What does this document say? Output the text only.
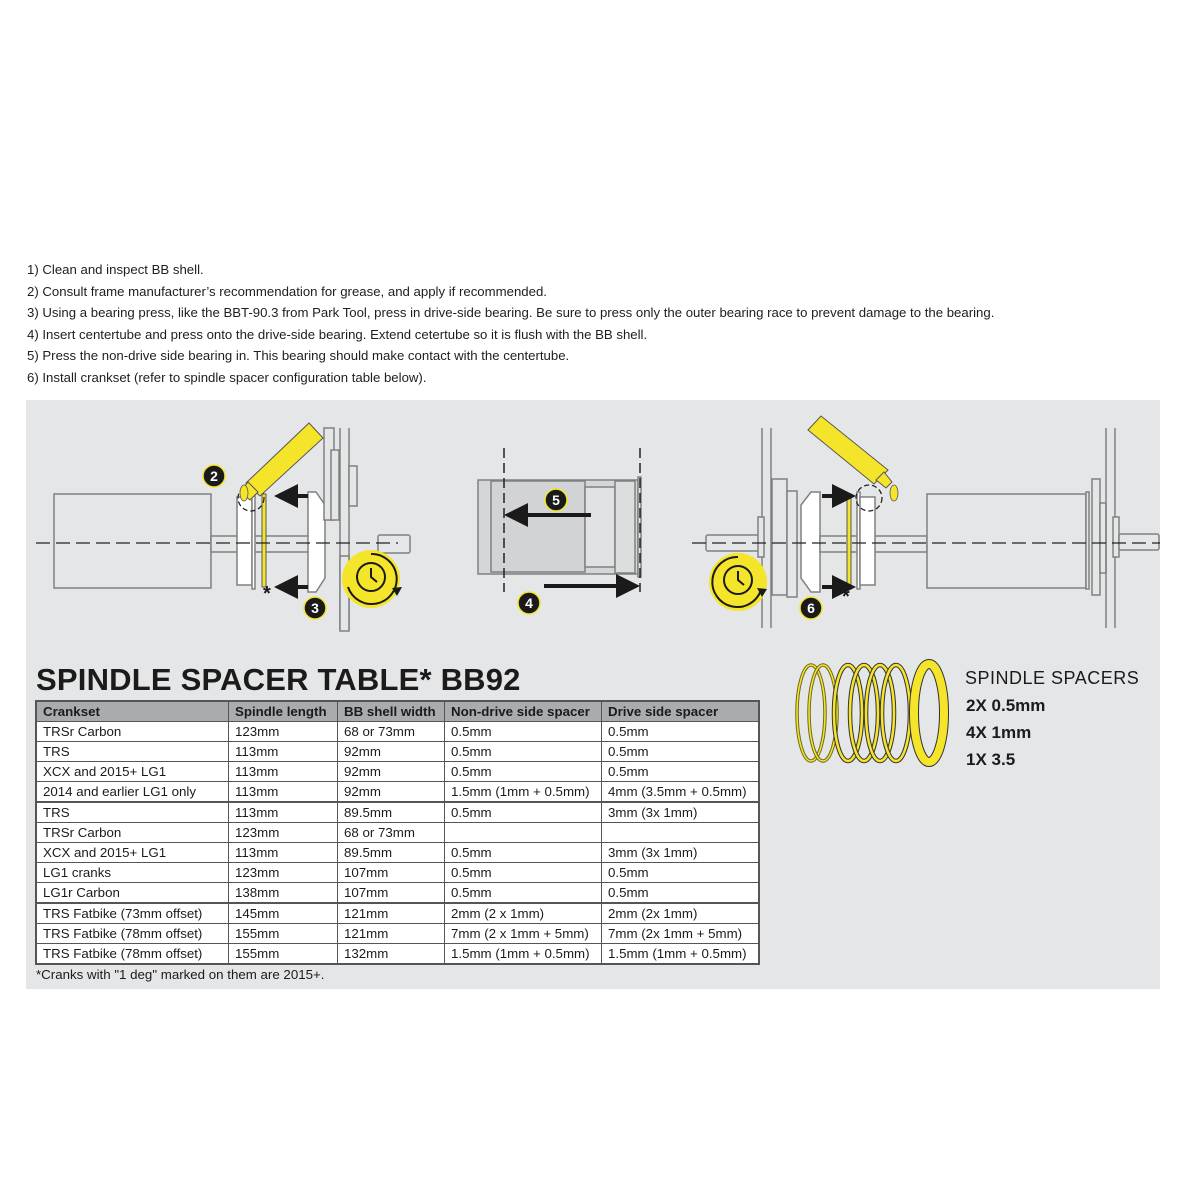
1) Clean and inspect BB shell.
2) Consult frame manufacturer’s recommendation for grease, and apply if recommended.
3) Using a bearing press, like the BBT-90.3 from Park Tool, press in drive-side bearing. Be sure to press only the outer bearing race to prevent damage to the bearing.
4) Insert centertube and press onto the drive-side bearing. Extend cetertube so it is flush with the BB shell.
5) Press the non-drive side bearing in. This bearing should make contact with the centertube.
6) Install crankset (refer to spindle spacer configuration table below).
*
2
3
5
4	*
6
SPINDLE SPACER TABLE* BB92
Crankset	Spindle length	BB shell width	Non-drive side spacer	Drive side spacer
TRSr Carbon	123mm	68 or 73mm	0.5mm	0.5mm
TRS	113mm	92mm	0.5mm	0.5mm
XCX and 2015+ LG1	113mm	92mm	0.5mm	0.5mm
2014 and earlier LG1 only	113mm	92mm	1.5mm (1mm + 0.5mm)	4mm (3.5mm + 0.5mm)
TRS	113mm	89.5mm	0.5mm	3mm (3x 1mm)
TRSr Carbon	123mm	68 or 73mm		
XCX and 2015+ LG1	113mm	89.5mm	0.5mm	3mm (3x 1mm)
LG1 cranks	123mm	107mm	0.5mm	0.5mm
LG1r Carbon	138mm	107mm	0.5mm	0.5mm
TRS Fatbike (73mm offset)	145mm	121mm	2mm (2 x 1mm)	2mm (2x 1mm)
TRS Fatbike (78mm offset)	155mm	121mm	7mm (2 x 1mm + 5mm)	7mm (2x 1mm + 5mm)
TRS Fatbike (78mm offset)	155mm	132mm	1.5mm (1mm + 0.5mm)	1.5mm (1mm + 0.5mm)
*Cranks with "1 deg" marked on them are 2015+.
SPINDLE SPACERS
2X 0.5mm
4X 1mm
1X 3.5
